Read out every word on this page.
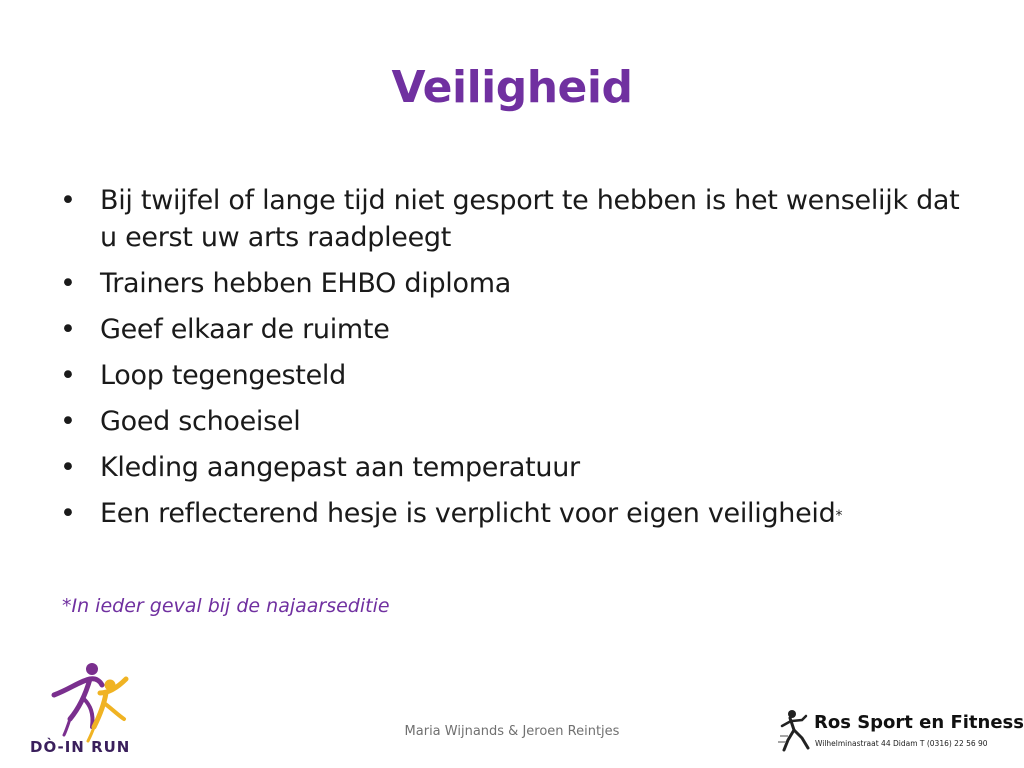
Veiligheid
• Bij twijfel of lange tijd niet gesport te hebben is het wenselijk dat u eerst uw arts raadpleegt
• Trainers hebben EHBO diploma
• Geef elkaar de ruimte
• Loop tegengesteld
• Goed schoeisel
• Kleding aangepast aan temperatuur
• Een reflecterend hesje is verplicht voor eigen veiligheid*
*In ieder geval bij de najaarseditie
Maria Wijnands & Jeroen Reintjes
DÒ-IN RUN
Ros Sport en Fitness
Wilhelminastraat 44 Didam T (0316) 22 56 90
